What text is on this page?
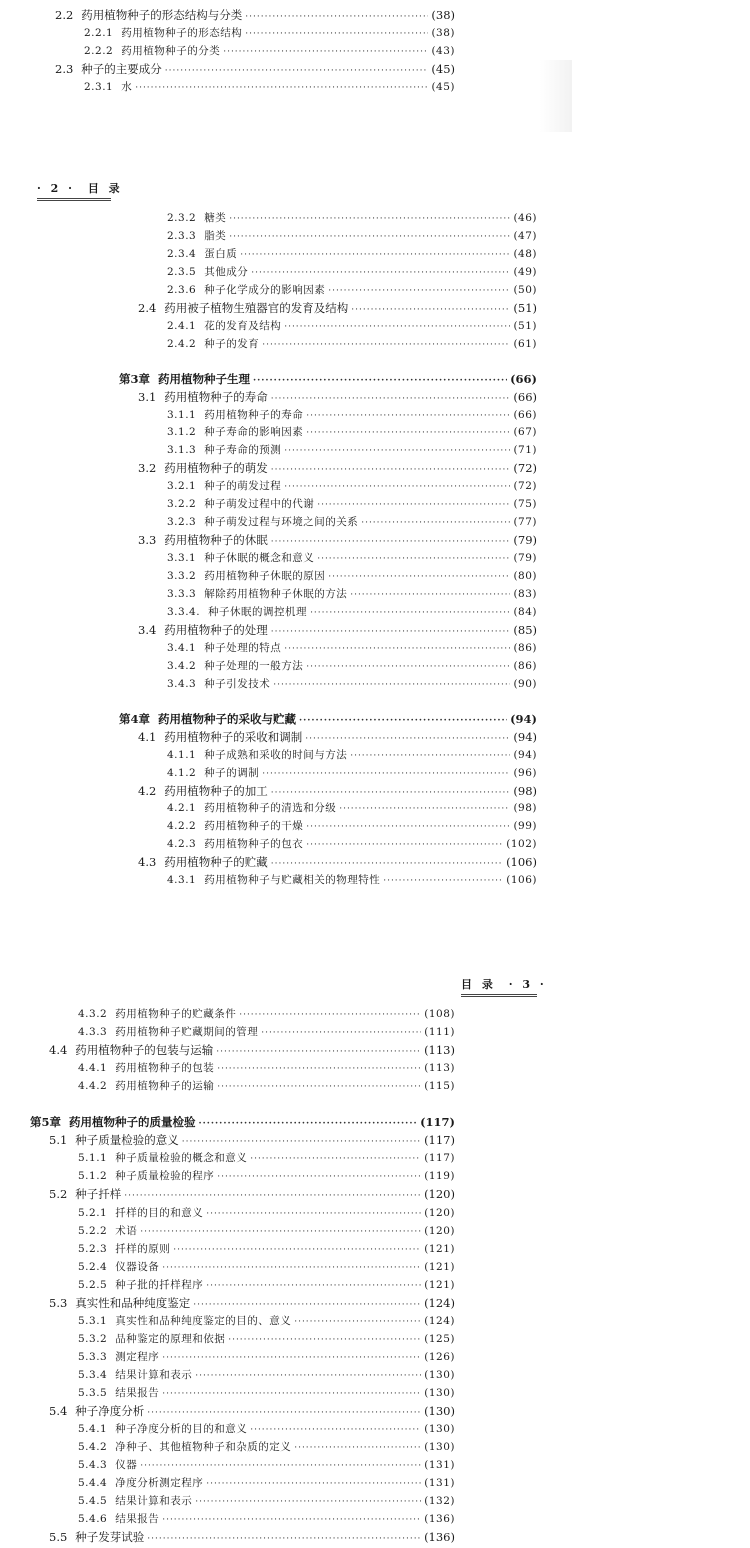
2.2 药用植物种子的形态结构与分类 ·····	(38)
2.2.1 药用植物种子的形态结构 ·····	(38)
2.2.2 药用植物种子的分类 ·····	(43)
2.3 种子的主要成分 ·····	(45)
2.3.1 水 ·····	(45)
· 2 · 目 录
2.3.2 糖类 ·····	(46)
2.3.3 脂类 ·····	(47)
2.3.4 蛋白质 ·····	(48)
2.3.5 其他成分 ·····	(49)
2.3.6 种子化学成分的影响因素 ·····	(50)
2.4 药用被子植物生殖器官的发育及结构 ·····	(51)
2.4.1 花的发育及结构 ·····	(51)
2.4.2 种子的发育 ·····	(61)
第3章 药用植物种子生理 ·····	(66)
3.1 药用植物种子的寿命 ·····	(66)
3.1.1 药用植物种子的寿命 ·····	(66)
3.1.2 种子寿命的影响因素 ·····	(67)
3.1.3 种子寿命的预测 ·····	(71)
3.2 药用植物种子的萌发 ·····	(72)
3.2.1 种子的萌发过程 ·····	(72)
3.2.2 种子萌发过程中的代谢 ·····	(75)
3.2.3 种子萌发过程与环境之间的关系 ·····	(77)
3.3 药用植物种子的休眠 ·····	(79)
3.3.1 种子休眠的概念和意义 ·····	(79)
3.3.2 药用植物种子休眠的原因 ·····	(80)
3.3.3 解除药用植物种子休眠的方法 ·····	(83)
3.3.4. 种子休眠的调控机理 ·····	(84)
3.4 药用植物种子的处理 ·····	(85)
3.4.1 种子处理的特点 ·····	(86)
3.4.2 种子处理的一般方法 ·····	(86)
3.4.3 种子引发技术 ·····	(90)
第4章 药用植物种子的采收与贮藏 ·····	(94)
4.1 药用植物种子的采收和调制 ·····	(94)
4.1.1 种子成熟和采收的时间与方法 ·····	(94)
4.1.2 种子的调制 ·····	(96)
4.2 药用植物种子的加工 ·····	(98)
4.2.1 药用植物种子的清选和分级 ·····	(98)
4.2.2 药用植物种子的干燥 ·····	(99)
4.2.3 药用植物种子的包衣 ·····	(102)
4.3 药用植物种子的贮藏 ·····	(106)
4.3.1 药用植物种子与贮藏相关的物理特性 ·····	(106)
目 录 · 3 ·
4.3.2 药用植物种子的贮藏条件 ·····	(108)
4.3.3 药用植物种子贮藏期间的管理 ·····	(111)
4.4 药用植物种子的包装与运输 ·····	(113)
4.4.1 药用植物种子的包装 ·····	(113)
4.4.2 药用植物种子的运输 ·····	(115)
第5章 药用植物种子的质量检验 ·····	(117)
5.1 种子质量检验的意义 ·····	(117)
5.1.1 种子质量检验的概念和意义 ·····	(117)
5.1.2 种子质量检验的程序 ·····	(119)
5.2 种子扦样 ·····	(120)
5.2.1 扦样的目的和意义 ·····	(120)
5.2.2 术语 ·····	(120)
5.2.3 扦样的原则 ·····	(121)
5.2.4 仪器设备 ·····	(121)
5.2.5 种子批的扦样程序 ·····	(121)
5.3 真实性和品种纯度鉴定 ·····	(124)
5.3.1 真实性和品种纯度鉴定的目的、意义 ·····	(124)
5.3.2 品种鉴定的原理和依据 ·····	(125)
5.3.3 测定程序 ·····	(126)
5.3.4 结果计算和表示 ·····	(130)
5.3.5 结果报告 ·····	(130)
5.4 种子净度分析 ·····	(130)
5.4.1 种子净度分析的目的和意义 ·····	(130)
5.4.2 净种子、其他植物种子和杂质的定义 ·····	(130)
5.4.3 仪器 ·····	(131)
5.4.4 净度分析测定程序 ·····	(131)
5.4.5 结果计算和表示 ·····	(132)
5.4.6 结果报告 ·····	(136)
5.5 种子发芽试验 ·····	(136)
